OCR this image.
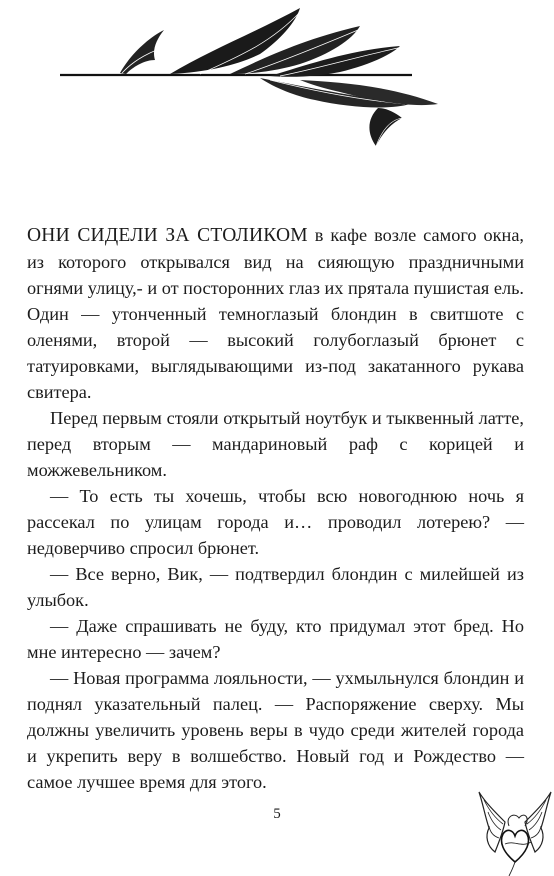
ОНИ СИДЕЛИ ЗА СТОЛИКОМ в кафе возле самого окна, из которого открывался вид на сияющую праздничными огнями улицу,- и от посторонних глаз их прятала пушистая ель. Один — утонченный темноглазый блондин в свитшоте с оленями, второй — высокий голубоглазый брюнет с татуировками, выглядывающими из-под закатанного рукава свитера.

Перед первым стояли открытый ноутбук и тыквенный латте, перед вторым — мандариновый раф с корицей и можжевельником.

— То есть ты хочешь, чтобы всю новогоднюю ночь я рассекал по улицам города и… проводил лотерею? — недоверчиво спросил брюнет.

— Все верно, Вик, — подтвердил блондин с милейшей из улыбок.

— Даже спрашивать не буду, кто придумал этот бред. Но мне интересно — зачем?

— Новая программа лояльности, — ухмыльнулся блондин и поднял указательный палец. — Распоряжение сверху. Мы должны увеличить уровень веры в чудо среди жителей города и укрепить веру в волшебство. Новый год и Рождество — самое лучшее время для этого.

5
